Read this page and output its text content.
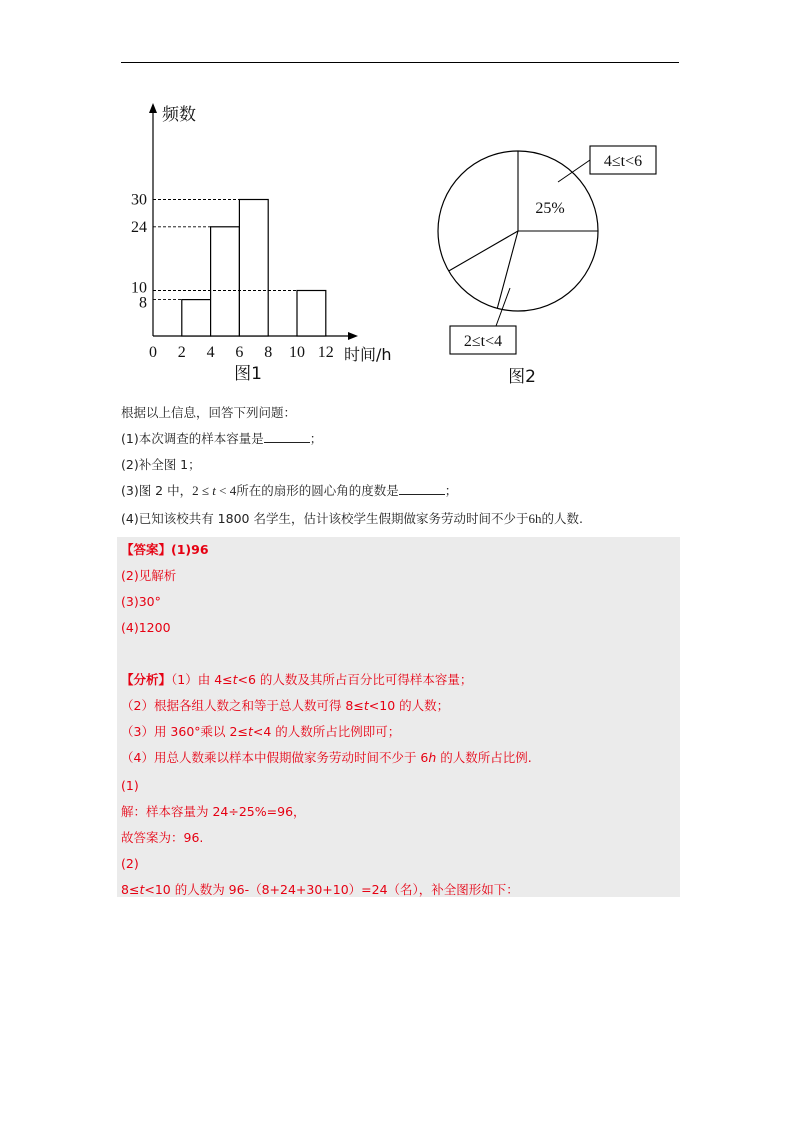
频数
时间/h
8
10
24
30
0 2 4 6 8 10 12
图1
25%
4≤t<6
2≤t<4
图2
根据以上信息，回答下列问题：
(1)本次调查的样本容量是	；
(2)补全图 1；
(3)图 2 中，2 ≤ t < 4所在的扇形的圆心角的度数是	；
(4)已知该校共有 1800 名学生，估计该校学生假期做家务劳动时间不少于6h的人数.
【答案】(1)96
(2)见解析
(3)30°
(4)1200
【分析】（1）由 4≤t<6 的人数及其所占百分比可得样本容量；
（2）根据各组人数之和等于总人数可得 8≤t<10 的人数；
（3）用 360°乘以 2≤t<4 的人数所占比例即可；
（4）用总人数乘以样本中假期做家务劳动时间不少于 6h 的人数所占比例.
(1)
解：样本容量为 24÷25%=96，
故答案为：96.
(2)
8≤t<10 的人数为 96-（8+24+30+10）=24（名），补全图形如下：
